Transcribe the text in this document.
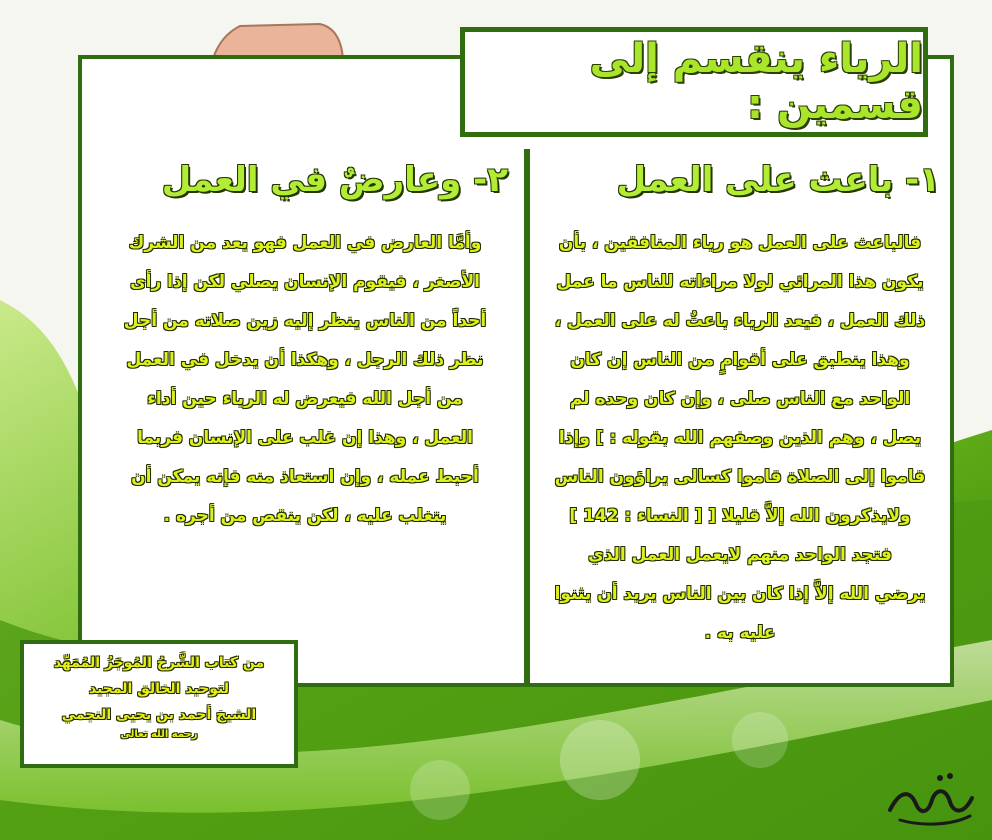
الرياء ينقسم إلى قسمين :
١- باعث على العمل
٢- وعارضٌ في العمل

فالباعث على العمل هو رياء المنافقين ، بأن

يكون هذا المرائي لولا مراءاته للناس ما عمل

ذلك العمل ، فيعد الرياء باعثٌ له على العمل ،

وهذا ينطبق على أقوامٍ من الناس إن كان

الواحد مع الناس صلى ، وإن كان وحده لم

يصل ، وهم الذين وصفهم الله بقوله : ] وإذا

قاموا إلى الصلاة قاموا كسالى يراؤون الناس

ولايذكرون الله إلاَّ قليلا [ [ النساء : 142 ]

فتجد الواحد منهم لايعمل العمل الذي

يرضي الله إلاَّ إذا كان بين الناس يريد أن يثنوا

عليه به .

وأمَّا العارض في العمل فهو يعد من الشرك

الأصغر ، فيقوم الإنسان يصلي لكن إذا رأى

أحداً من الناس ينظر إليه زين صلاته من أجل

نظر ذلك الرجل ، وهكذا أن يدخل في العمل

من أجل الله فيعرض له الرياء حين أداء

العمل ، وهذا إن غلب على الإنسان فربما

أحبط عمله ، وإن استعاذ منه فإنه يمكن أن

يتغلب عليه ، لكن ينقص من أجره .

من كتاب الشَّرحُ المُوجَزُ المُمَهِّد

لتوحيد الخالق المجيد

الشيخ أحمد بن يحيى النجمي

رحمه الله تعالى
